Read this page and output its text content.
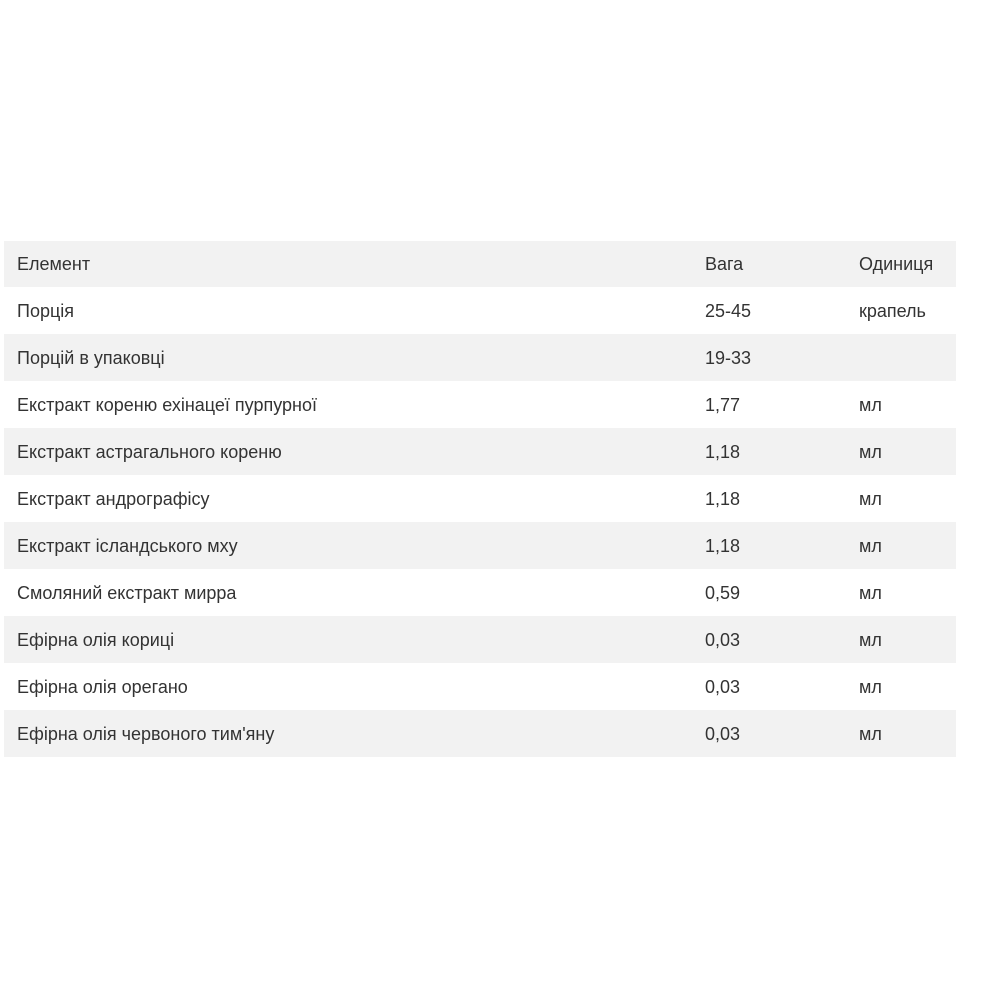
Елемент	Вага	Одиниця
Порція	25-45	крапель
Порцій в упаковці	19-33	
Екстракт кореню ехінацеї пурпурної	1,77	мл
Екстракт астрагального кореню	1,18	мл
Екстракт андрографісу	1,18	мл
Екстракт ісландського мху	1,18	мл
Смоляний екстракт мирра	0,59	мл
Ефірна олія кориці	0,03	мл
Ефірна олія орегано	0,03	мл
Ефірна олія червоного тим'яну	0,03	мл
